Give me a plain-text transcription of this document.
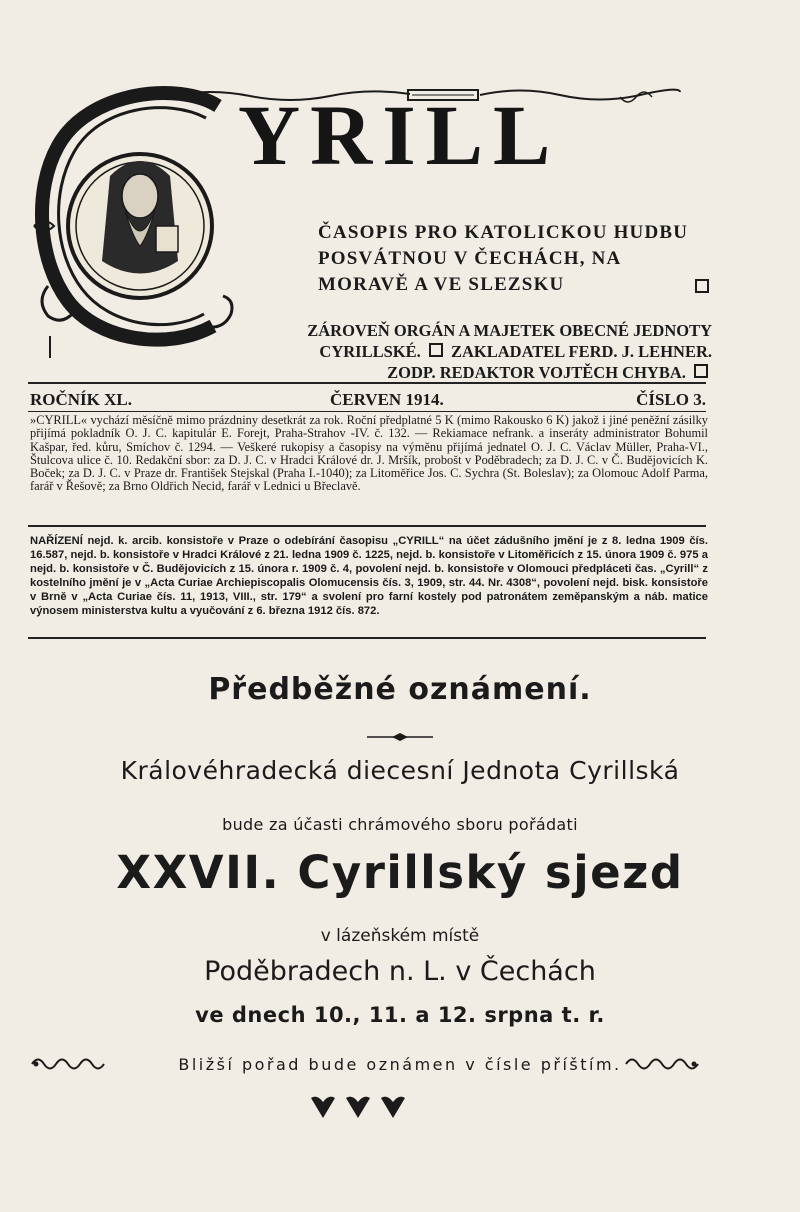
YRILL
ČASOPIS PRO KATOLICKOU HUDBU
POSVÁTNOU V ČECHÁCH, NA
MORAVĚ A VE SLEZSKU
ZÁROVEŇ ORGÁN A MAJETEK OBECNÉ JEDNOTY
CYRILLSKÉ. ZAKLADATEL FERD. J. LEHNER.
ZODP. REDAKTOR VOJTĚCH CHYBA.
ROČNÍK XL.	ČERVEN 1914.	ČÍSLO 3.
»CYRILL« vychází měsíčně mimo prázdniny desetkrát za rok. Roční předplatné 5 K (mimo Rakousko 6 K) jakož i jiné peněžní zásilky přijímá pokladník O. J. C. kapitulár E. Forejt, Praha-Strahov -IV. č. 132. — Rekiamace nefrank. a inseráty administrator Bohumil Kašpar, řed. kůru, Smíchov č. 1294. — Veškeré rukopisy a časopisy na výměnu přijímá jednatel O. J. C. Václav Müller, Praha-VI., Štulcova ulice č. 10. Redakční sbor: za D. J. C. v Hradci Králové dr. J. Mršík, probošt v Poděbradech; za D. J. C. v Č. Budějovicích K. Boček; za D. J. C. v Praze dr. František Stejskal (Praha I.-1040); za Litoměřice Jos. C. Sychra (St. Boleslav); za Olomouc Adolf Parma, farář v Řešově; za Brno Oldřich Necid, farář v Lednici u Břeclavě.
NAŘÍZENÍ nejd. k. arcib. konsistoře v Praze o odebírání časopisu „CYRILL“ na účet zádušního jmění je z 8. ledna 1909 čís. 16.587, nejd. b. konsistoře v Hradci Králové z 21. ledna 1909 č. 1225, nejd. b. konsistoře v Litoměřicích z 15. února 1909 č. 975 a nejd. b. konsistoře v Č. Budějovicích z 15. února r. 1909 č. 4, povolení nejd. b. konsistoře v Olomouci předpláceti čas. „Cyrill“ z kostelního jmění je v „Acta Curiae Archiepiscopalis Olomucensis čís. 3, 1909, str. 44. Nr. 4308“, povolení nejd. bisk. konsistoře v Brně v „Acta Curiae čís. 11, 1913, VIII., str. 179“ a svolení pro farní kostely pod patronátem zeměpanským a náb. matice výnosem ministerstva kultu a vyučování z 6. března 1912 čís. 872.
Předběžné oznámení.
Královéhradecká diecesní Jednota Cyrillská
bude za účasti chrámového sboru pořádati
XXVII. Cyrillský sjezd
v lázeňském místě
Poděbradech n. L. v Čechách
ve dnech 10., 11. a 12. srpna t. r.
Bližší pořad bude oznámen v čísle příštím.
